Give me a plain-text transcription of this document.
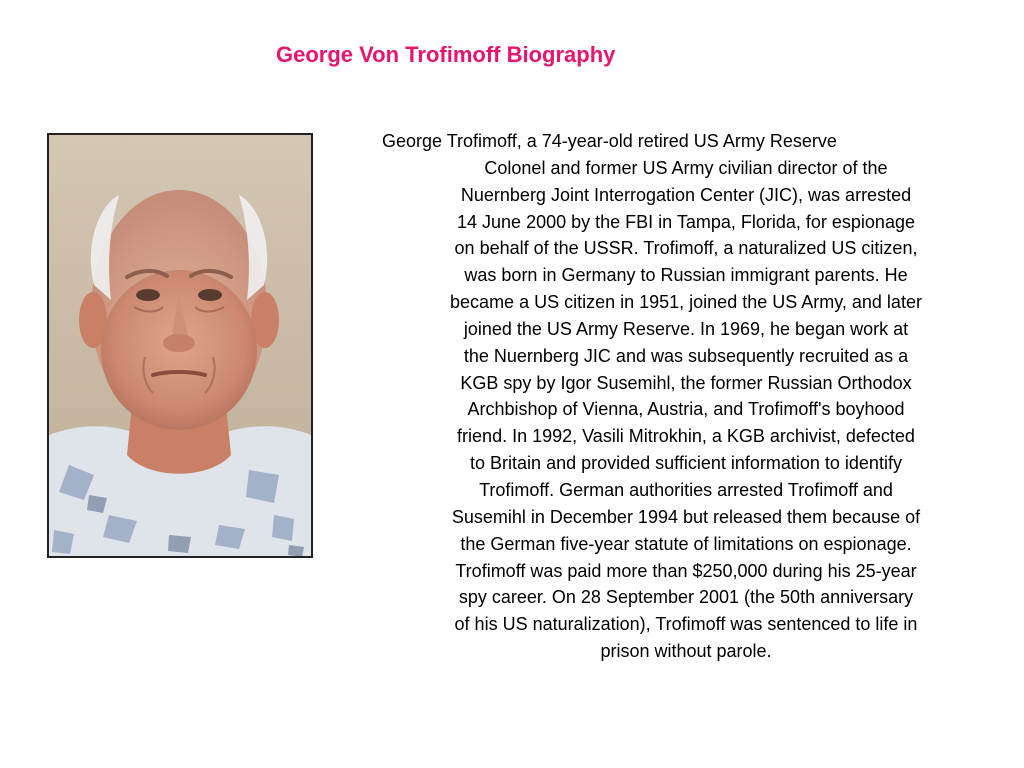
George Von Trofimoff Biography

George Trofimoff, a 74-year-old retired US Army Reserve
Colonel and former US Army civilian director of the
Nuernberg Joint Interrogation Center (JIC), was arrested
14 June 2000 by the FBI in Tampa, Florida, for espionage
on behalf of the USSR. Trofimoff, a naturalized US citizen,
was born in Germany to Russian immigrant parents. He
became a US citizen in 1951, joined the US Army, and later
joined the US Army Reserve. In 1969, he began work at
the Nuernberg JIC and was subsequently recruited as a
KGB spy by Igor Susemihl, the former Russian Orthodox
Archbishop of Vienna, Austria, and Trofimoff's boyhood
friend. In 1992, Vasili Mitrokhin, a KGB archivist, defected
to Britain and provided sufficient information to identify
Trofimoff. German authorities arrested Trofimoff and
Susemihl in December 1994 but released them because of
the German five-year statute of limitations on espionage.
Trofimoff was paid more than $250,000 during his 25-year
spy career. On 28 September 2001 (the 50th anniversary
of his US naturalization), Trofimoff was sentenced to life in
prison without parole.
